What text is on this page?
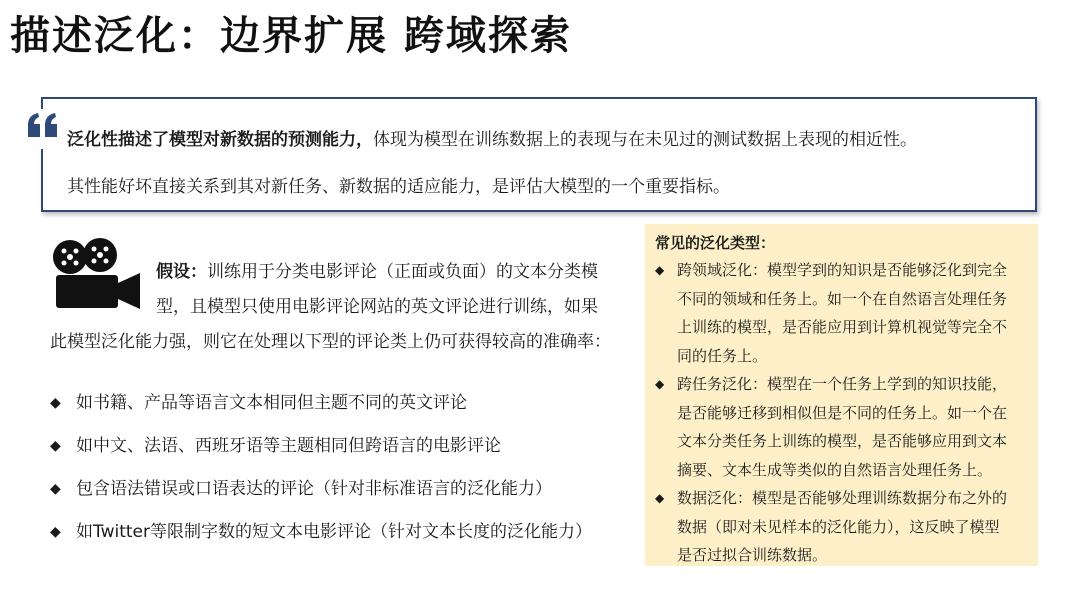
描述泛化：边界扩展 跨域探索
泛化性描述了模型对新数据的预测能力，体现为模型在训练数据上的表现与在未见过的测试数据上表现的相近性。
其性能好坏直接关系到其对新任务、新数据的适应能力，是评估大模型的一个重要指标。
假设：训练用于分类电影评论（正面或负面）的文本分类模
型，且模型只使用电影评论网站的英文评论进行训练，如果
此模型泛化能力强，则它在处理以下型的评论类上仍可获得较高的准确率：
◆ 如书籍、产品等语言文本相同但主题不同的英文评论
◆ 如中文、法语、西班牙语等主题相同但跨语言的电影评论
◆ 包含语法错误或口语表达的评论（针对非标准语言的泛化能力）
◆ 如Twitter等限制字数的短文本电影评论（针对文本长度的泛化能力）
常见的泛化类型：
◆ 跨领域泛化：模型学到的知识是否能够泛化到完全
不同的领域和任务上。如一个在自然语言处理任务
上训练的模型，是否能应用到计算机视觉等完全不
同的任务上。
◆ 跨任务泛化：模型在一个任务上学到的知识技能，
是否能够迁移到相似但是不同的任务上。如一个在
文本分类任务上训练的模型，是否能够应用到文本
摘要、文本生成等类似的自然语言处理任务上。
◆ 数据泛化：模型是否能够处理训练数据分布之外的
数据（即对未见样本的泛化能力），这反映了模型
是否过拟合训练数据。
